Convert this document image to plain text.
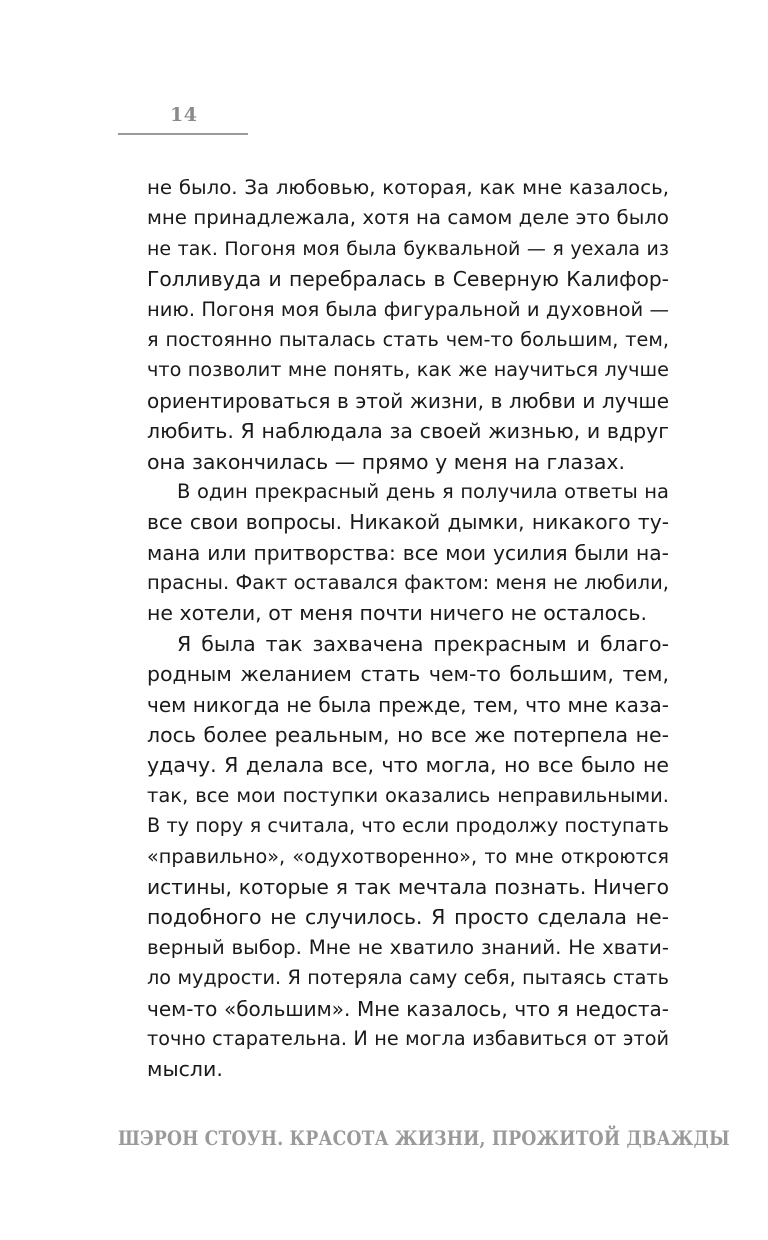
14
не было. За любовью, которая, как мне казалось,
мне принадлежала, хотя на самом деле это было
не так. Погоня моя была буквальной — я уехала из
Голливуда и перебралась в Северную Калифор-
нию. Погоня моя была фигуральной и духовной —
я постоянно пыталась стать чем-то большим, тем,
что позволит мне понять, как же научиться лучше
ориентироваться в этой жизни, в любви и лучше
любить. Я наблюдала за своей жизнью, и вдруг
она закончилась — прямо у меня на глазах.
В один прекрасный день я получила ответы на
все свои вопросы. Никакой дымки, никакого ту-
мана или притворства: все мои усилия были на-
прасны. Факт оставался фактом: меня не любили,
не хотели, от меня почти ничего не осталось.
Я была так захвачена прекрасным и благо-
родным желанием стать чем-то большим, тем,
чем никогда не была прежде, тем, что мне каза-
лось более реальным, но все же потерпела не-
удачу. Я делала все, что могла, но все было не
так, все мои поступки оказались неправильными.
В ту пору я считала, что если продолжу поступать
«правильно», «одухотворенно», то мне откроются
истины, которые я так мечтала познать. Ничего
подобного не случилось. Я просто сделала не-
верный выбор. Мне не хватило знаний. Не хвати-
ло мудрости. Я потеряла саму себя, пытаясь стать
чем-то «большим». Мне казалось, что я недоста-
точно старательна. И не могла избавиться от этой
мысли.
ШЭРОН СТОУН. КРАСОТА ЖИЗНИ, ПРОЖИТОЙ ДВАЖДЫ
